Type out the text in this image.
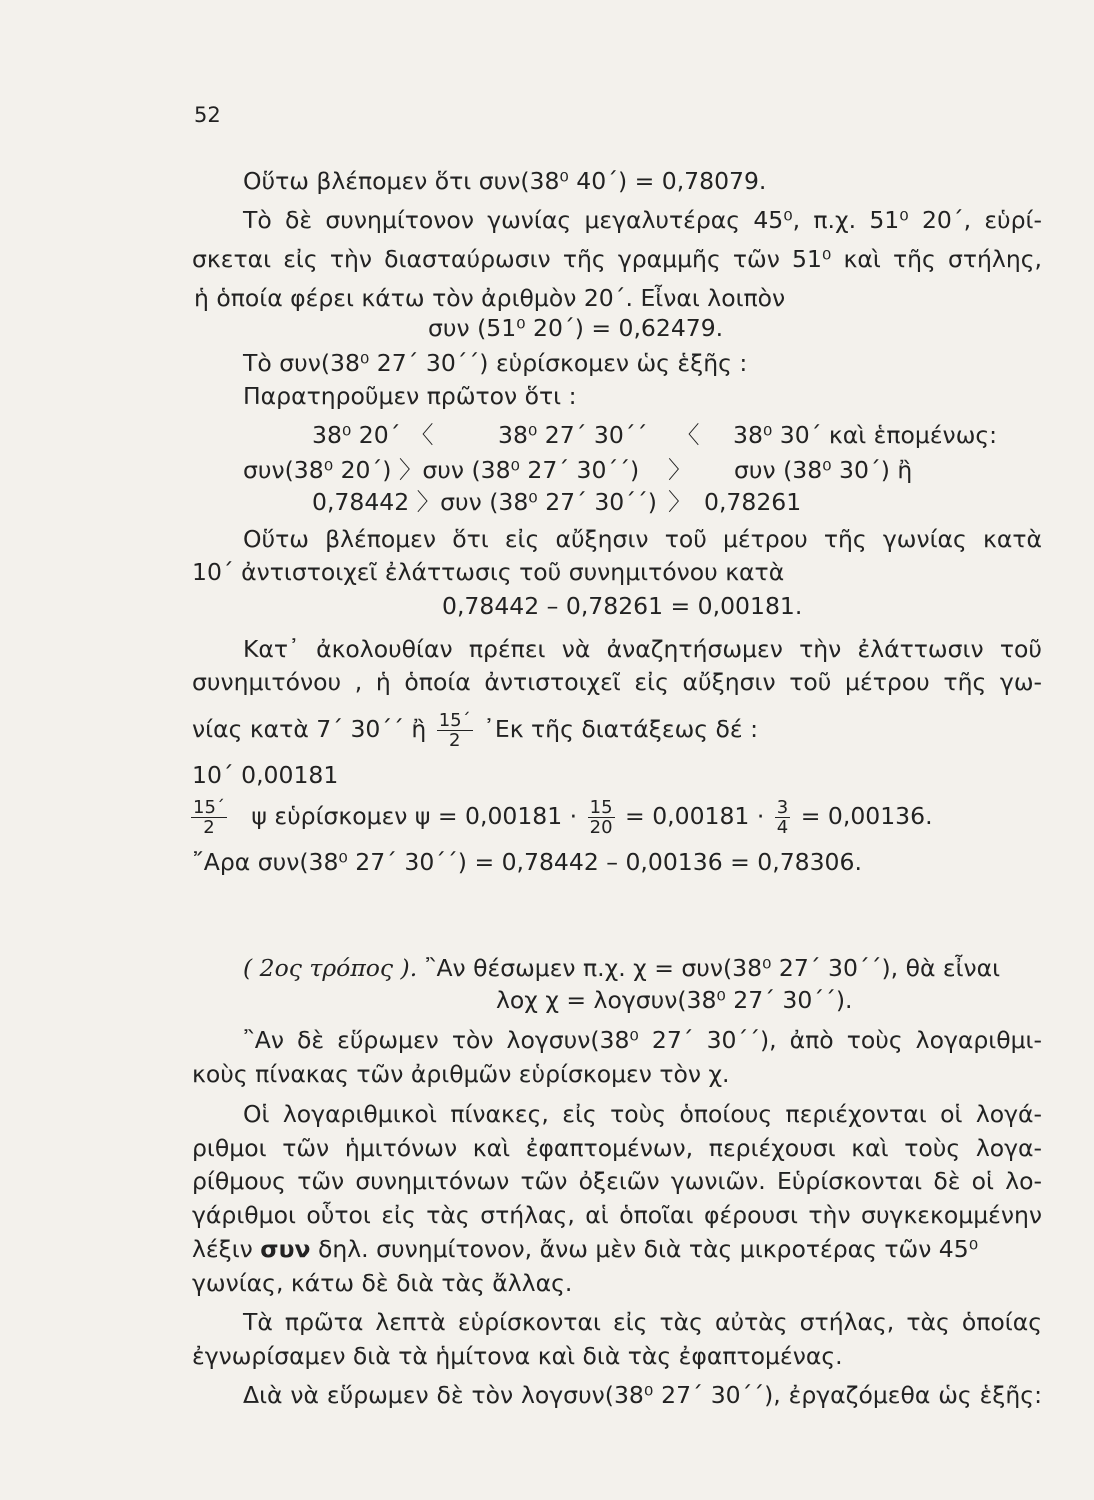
52
Οὕτω βλέπομεν ὅτι συν(38⁰ 40΄) = 0,78079.
Τὸ δὲ συνημίτονον γωνίας μεγαλυτέρας 45⁰, π.χ. 51⁰ 20΄, εὑρί-
σκεται εἰς τὴν διασταύρωσιν τῆς γραμμῆς τῶν 51⁰ καὶ τῆς στήλης,
ἡ ὁποία φέρει κάτω τὸν ἀριθμὸν 20΄. Εἶναι λοιπὸν
συν (51⁰ 20΄) = 0,62479.
Τὸ συν(38⁰ 27΄ 30΄΄) εὑρίσκομεν ὡς ἑξῆς :
Παρατηροῦμεν πρῶτον ὅτι :
38⁰ 20΄ 〈	38⁰ 27΄ 30΄΄ 〈 38⁰ 30΄ καὶ ἑπομένως:
συν(38⁰ 20΄) 〉συν (38⁰ 27΄ 30΄΄) 〉 συν (38⁰ 30΄) ἢ
0,78442 〉συν (38⁰ 27΄ 30΄΄) 〉 0,78261
Οὕτω βλέπομεν ὅτι εἰς αὔξησιν τοῦ μέτρου τῆς γωνίας κατὰ
10΄ ἀντιστοιχεῖ ἐλάττωσις τοῦ συνημιτόνου κατὰ
0,78442 – 0,78261 = 0,00181.
Κατ᾽ ἀκολουθίαν πρέπει νὰ ἀναζητήσωμεν τὴν ἐλάττωσιν τοῦ
συνημιτόνου , ἡ ὁποία ἀντιστοιχεῖ εἰς αὔξησιν τοῦ μέτρου τῆς γω-
νίας κατὰ 7΄ 30΄΄ ἢ $\frac{15΄}{2}$ ᾽Εκ τῆς διατάξεως δέ :
10΄ 0,00181
$\frac{15΄}{2}$ ψ εὑρίσκομεν $\psi = 0,00181 \cdot \frac{15}{20} = 0,00181 \cdot \frac{3}{4} = 0,00136$.
῎Αρα συν(38⁰ 27΄ 30΄΄) = 0,78442 – 0,00136 = 0,78306.
( 2ος τρόπος ). ῍Αν θέσωμεν π.χ. χ = συν(38⁰ 27΄ 30΄΄), θὰ εἶναι
λοχ χ = λογσυν(38⁰ 27΄ 30΄΄).
῍Αν δὲ εὕρωμεν τὸν λογσυν(38⁰ 27΄ 30΄΄), ἀπὸ τοὺς λογαριθμι-
κοὺς πίνακας τῶν ἀριθμῶν εὑρίσκομεν τὸν χ.
Οἱ λογαριθμικοὶ πίνακες, εἰς τοὺς ὁποίους περιέχονται οἱ λογά-
ριθμοι τῶν ἡμιτόνων καὶ ἐφαπτομένων, περιέχουσι καὶ τοὺς λογα-
ρίθμους τῶν συνημιτόνων τῶν ὀξειῶν γωνιῶν. Εὑρίσκονται δὲ οἱ λο-
γάριθμοι οὗτοι εἰς τὰς στήλας, αἱ ὁποῖαι φέρουσι τὴν συγκεκομμένην
λέξιν συν δηλ. συνημίτονον, ἄνω μὲν διὰ τὰς μικροτέρας τῶν 45⁰
γωνίας, κάτω δὲ διὰ τὰς ἄλλας.
Τὰ πρῶτα λεπτὰ εὑρίσκονται εἰς τὰς αὐτὰς στήλας, τὰς ὁποίας
ἐγνωρίσαμεν διὰ τὰ ἡμίτονα καὶ διὰ τὰς ἐφαπτομένας.
Διὰ νὰ εὕρωμεν δὲ τὸν λογσυν(38⁰ 27΄ 30΄΄), ἐργαζόμεθα ὡς ἑξῆς:
